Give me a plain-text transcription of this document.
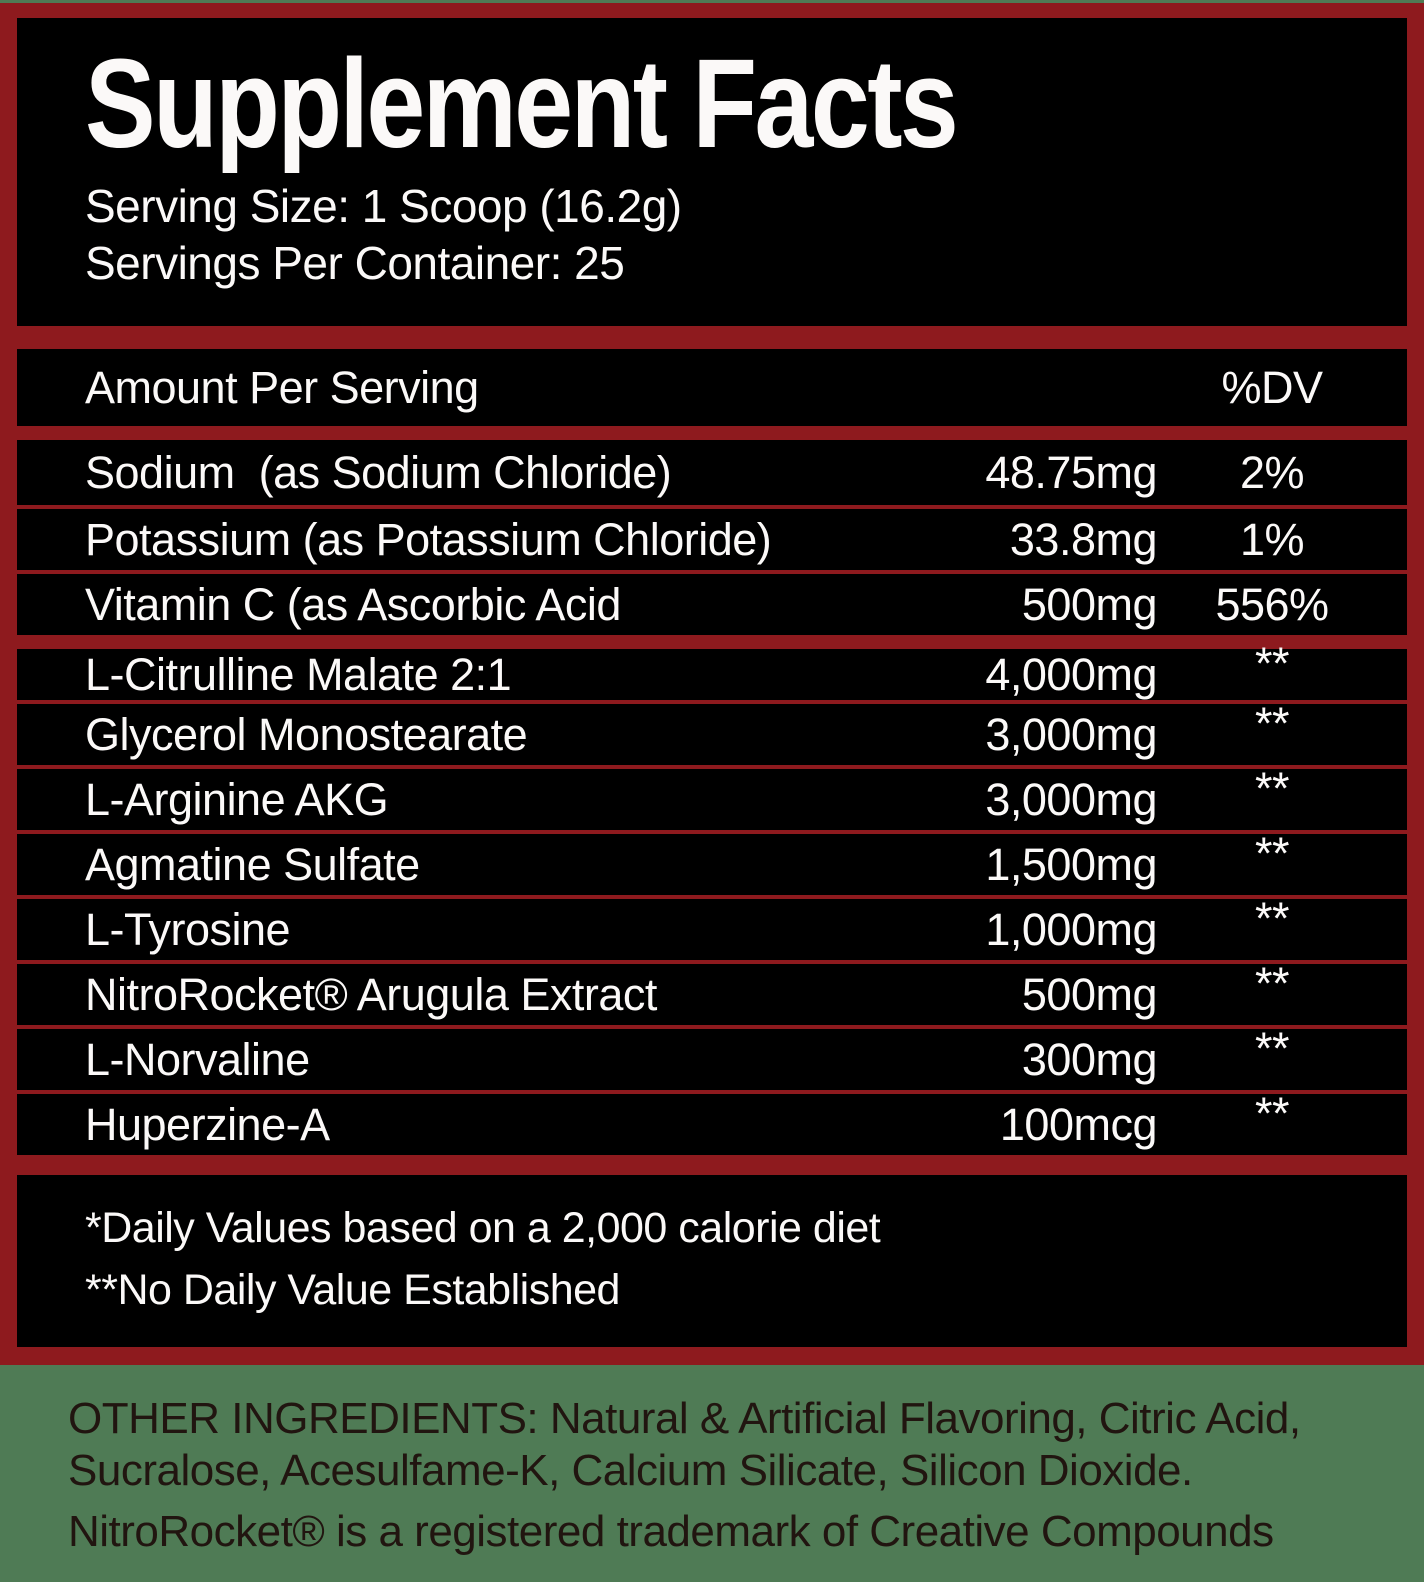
Supplement Facts
Serving Size: 1 Scoop (16.2g)
Servings Per Container: 25
Amount Per Serving	%DV
Sodium  (as Sodium Chloride)	48.75mg	2%
Potassium (as Potassium Chloride)	33.8mg	1%
Vitamin C (as Ascorbic Acid	500mg	556%
L-Citrulline Malate 2:1	4,000mg	**
Glycerol Monostearate	3,000mg	**
L-Arginine AKG	3,000mg	**
Agmatine Sulfate	1,500mg	**
L-Tyrosine	1,000mg	**
NitroRocket® Arugula Extract	500mg	**
L-Norvaline	300mg	**
Huperzine-A	100mcg	**
*Daily Values based on a 2,000 calorie diet
**No Daily Value Established
OTHER INGREDIENTS: Natural & Artificial Flavoring, Citric Acid, Sucralose, Acesulfame-K, Calcium Silicate, Silicon Dioxide.
NitroRocket® is a registered trademark of Creative Compounds
